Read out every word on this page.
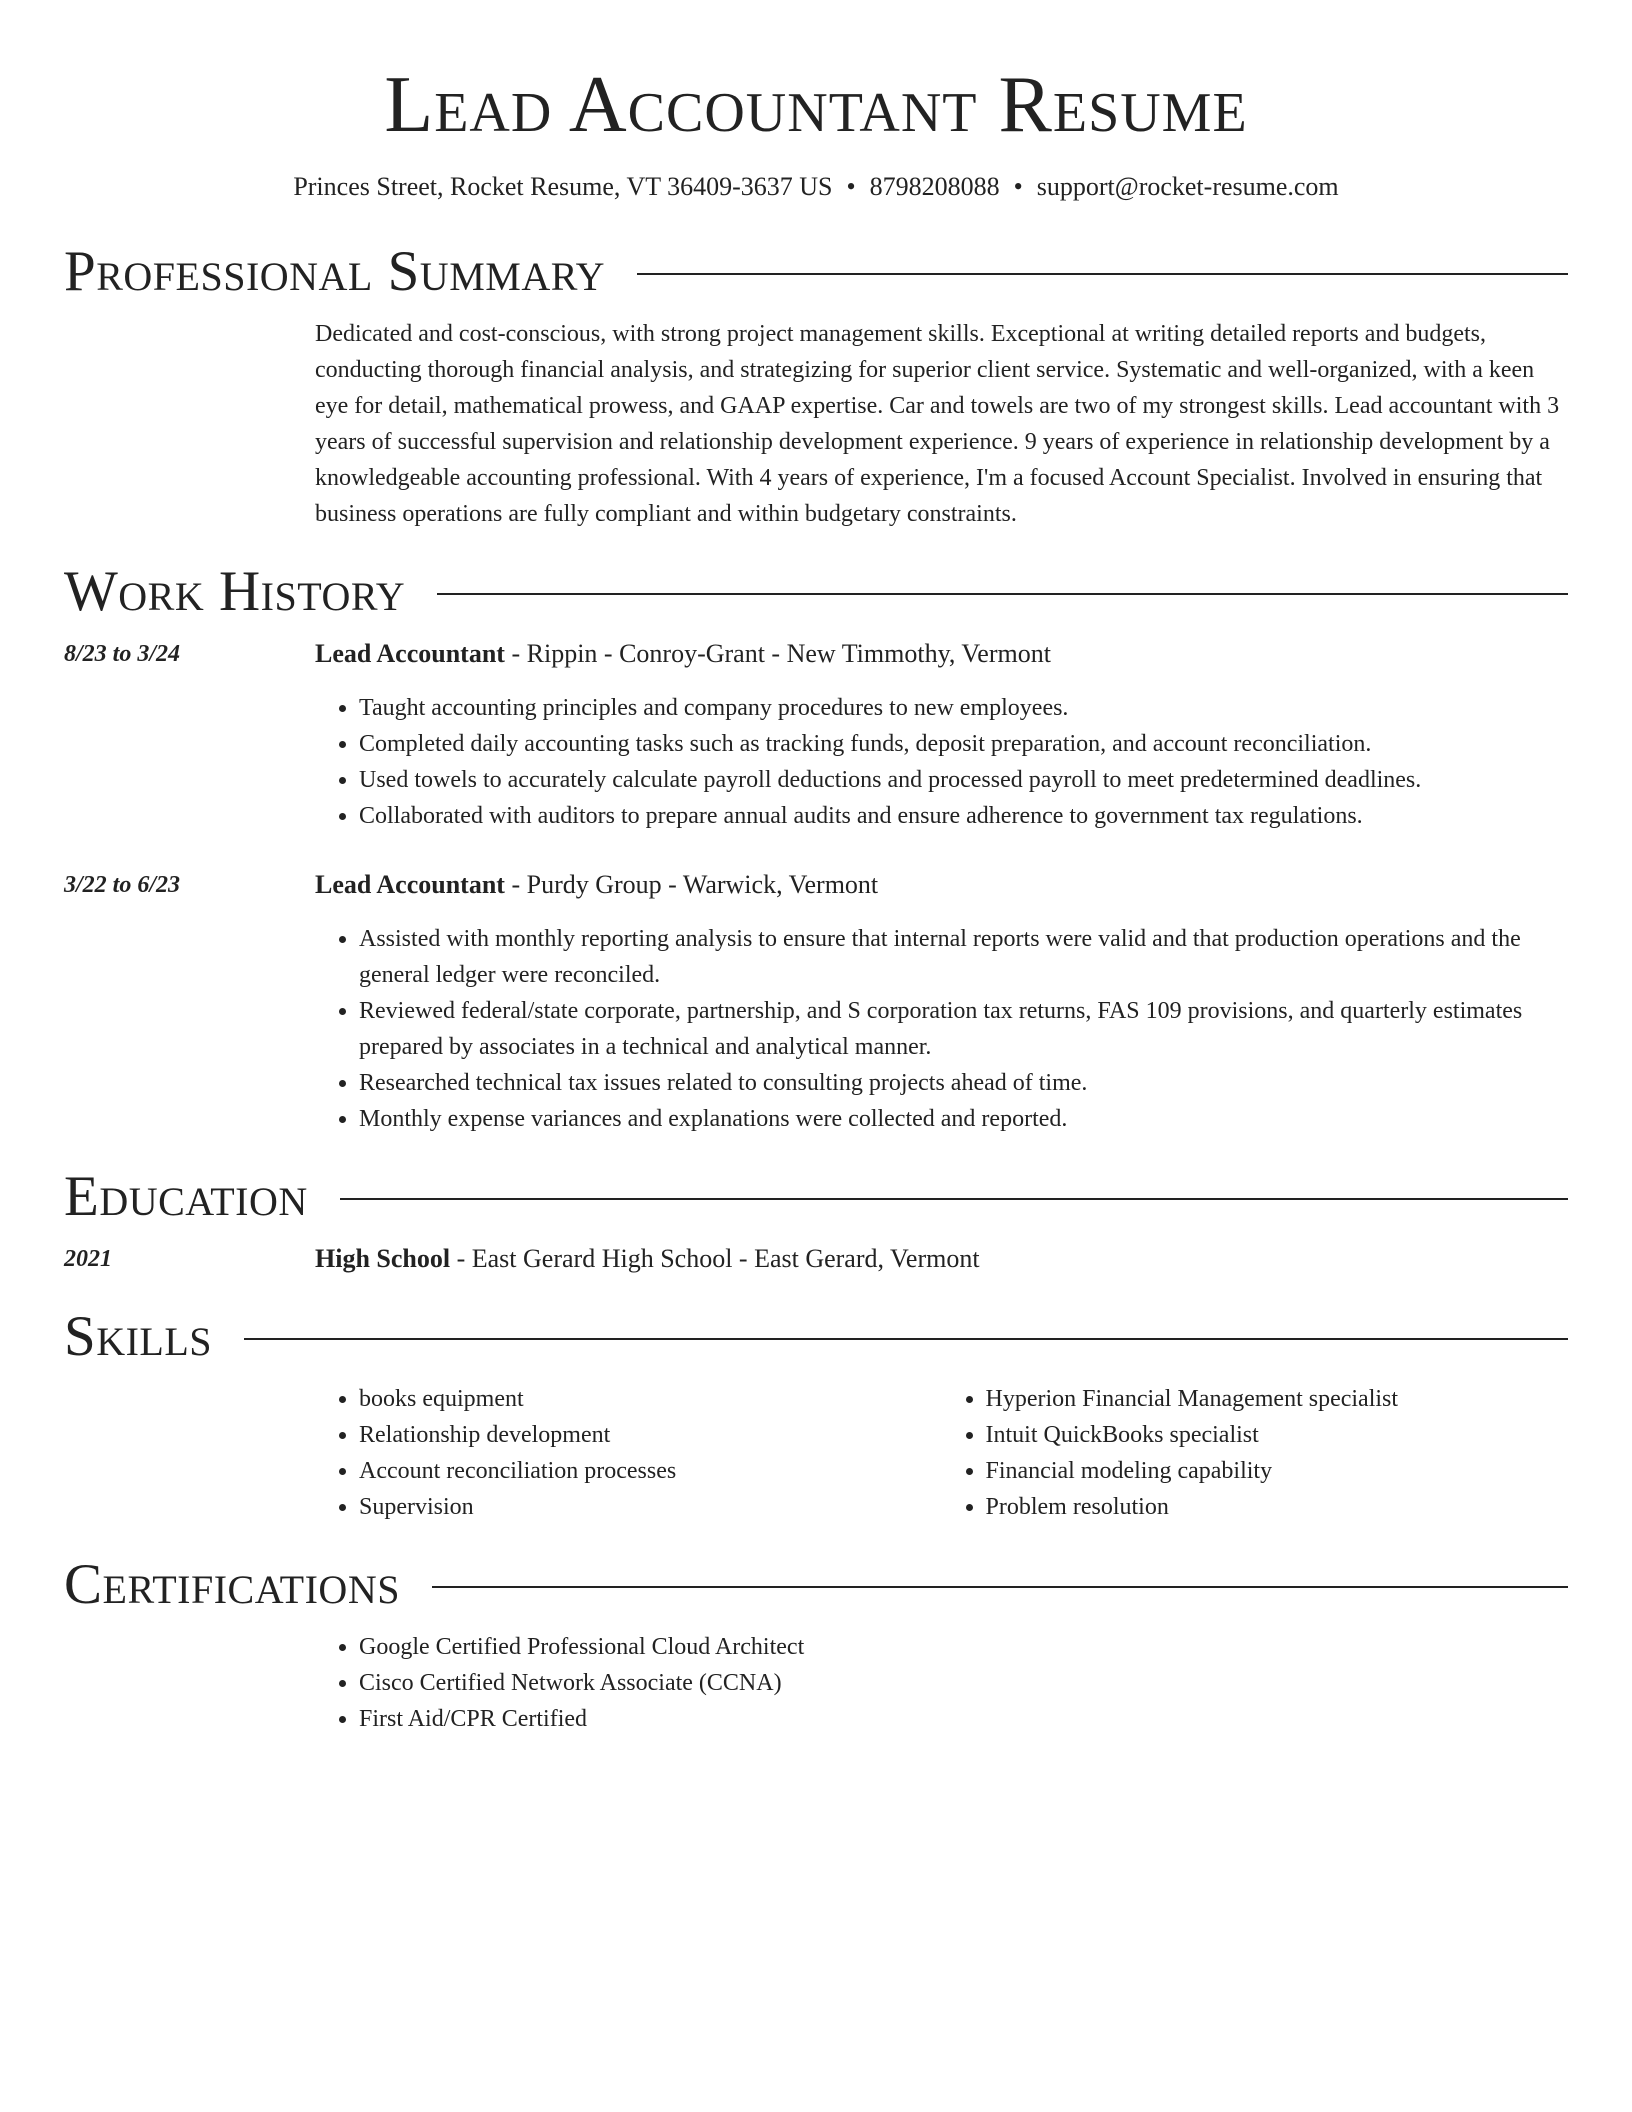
Lead Accountant Resume
Princes Street, Rocket Resume, VT 36409-3637 US • 8798208088 • support@rocket-resume.com
Professional Summary

Dedicated and cost-conscious, with strong project management skills. Exceptional at writing detailed reports and budgets, conducting thorough financial analysis, and strategizing for superior client service. Systematic and well-organized, with a keen eye for detail, mathematical prowess, and GAAP expertise. Car and towels are two of my strongest skills. Lead accountant with 3 years of successful supervision and relationship development experience. 9 years of experience in relationship development by a knowledgeable accounting professional. With 4 years of experience, I'm a focused Account Specialist. Involved in ensuring that business operations are fully compliant and within budgetary constraints.

Work History
8/23 to 3/24	Lead Accountant - Rippin - Conroy-Grant - New Timmothy, Vermont
• Taught accounting principles and company procedures to new employees.
• Completed daily accounting tasks such as tracking funds, deposit preparation, and account reconciliation.
• Used towels to accurately calculate payroll deductions and processed payroll to meet predetermined deadlines.
• Collaborated with auditors to prepare annual audits and ensure adherence to government tax regulations.
3/22 to 6/23	Lead Accountant - Purdy Group - Warwick, Vermont
• Assisted with monthly reporting analysis to ensure that internal reports were valid and that production operations and the general ledger were reconciled.
• Reviewed federal/state corporate, partnership, and S corporation tax returns, FAS 109 provisions, and quarterly estimates prepared by associates in a technical and analytical manner.
• Researched technical tax issues related to consulting projects ahead of time.
• Monthly expense variances and explanations were collected and reported.
Education
2021	High School - East Gerard High School - East Gerard, Vermont
Skills
• books equipment
• Relationship development
• Account reconciliation processes
• Supervision
• Hyperion Financial Management specialist
• Intuit QuickBooks specialist
• Financial modeling capability
• Problem resolution
Certifications
• Google Certified Professional Cloud Architect
• Cisco Certified Network Associate (CCNA)
• First Aid/CPR Certified
